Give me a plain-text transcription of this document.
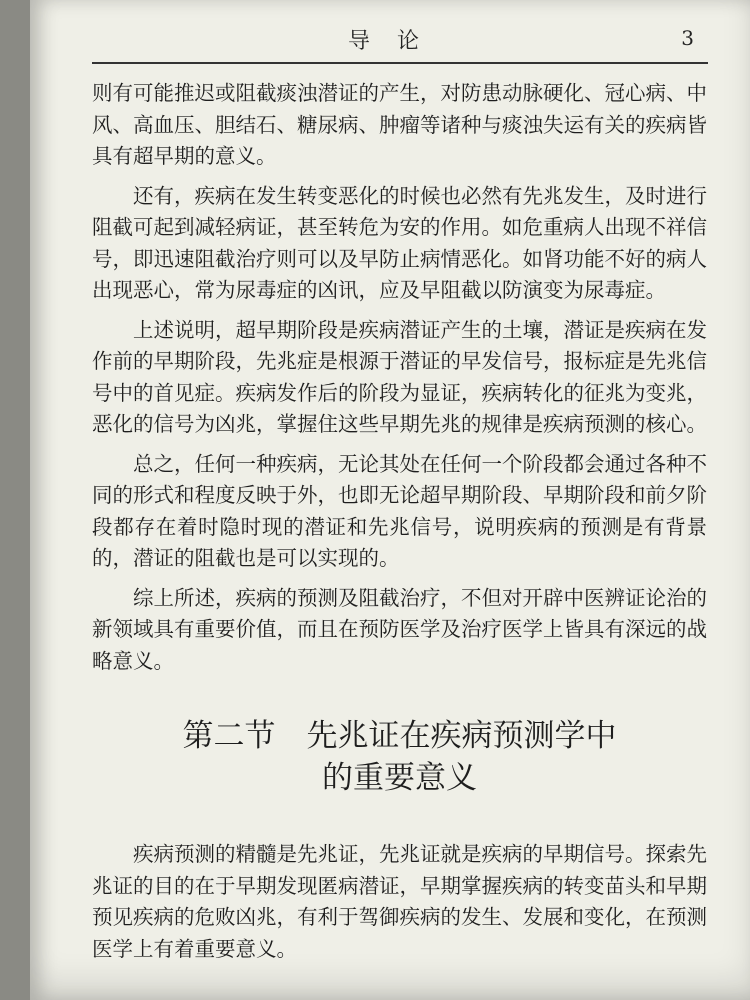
导 论	3

则有可能推迟或阻截痰浊潜证的产生，对防患动脉硬化、冠心病、中风、高血压、胆结石、糖尿病、肿瘤等诸种与痰浊失运有关的疾病皆具有超早期的意义。

还有，疾病在发生转变恶化的时候也必然有先兆发生，及时进行阻截可起到减轻病证，甚至转危为安的作用。如危重病人出现不祥信号，即迅速阻截治疗则可以及早防止病情恶化。如肾功能不好的病人出现恶心，常为尿毒症的凶讯，应及早阻截以防演变为尿毒症。

上述说明，超早期阶段是疾病潜证产生的土壤，潜证是疾病在发作前的早期阶段，先兆症是根源于潜证的早发信号，报标症是先兆信号中的首见症。疾病发作后的阶段为显证，疾病转化的征兆为变兆，恶化的信号为凶兆，掌握住这些早期先兆的规律是疾病预测的核心。

总之，任何一种疾病，无论其处在任何一个阶段都会通过各种不同的形式和程度反映于外，也即无论超早期阶段、早期阶段和前夕阶段都存在着时隐时现的潜证和先兆信号，说明疾病的预测是有背景的，潜证的阻截也是可以实现的。

综上所述，疾病的预测及阻截治疗，不但对开辟中医辨证论治的新领域具有重要价值，而且在预防医学及治疗医学上皆具有深远的战略意义。

第二节　先兆证在疾病预测学中
的重要意义

疾病预测的精髓是先兆证，先兆证就是疾病的早期信号。探索先兆证的目的在于早期发现匿病潜证，早期掌握疾病的转变苗头和早期预见疾病的危败凶兆，有利于驾御疾病的发生、发展和变化，在预测医学上有着重要意义。
